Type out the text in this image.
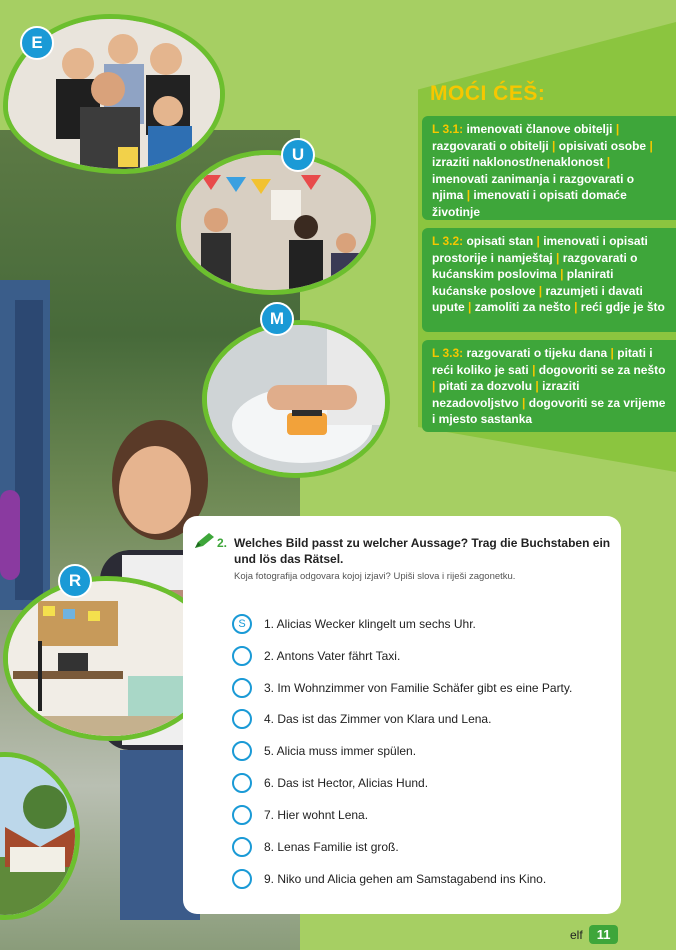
E
U
M
R
MOĆI ĆEŠ:
L 3.1: imenovati članove obitelji | razgovarati o obitelji | opisivati osobe | izraziti naklonost/nenaklonost | imenovati zanimanja i razgovarati o njima | imenovati i opisati domaće životinje
L 3.2: opisati stan | imenovati i opisati prostorije i namještaj | razgovarati o kućanskim poslovima | planirati kućanske poslove | razumjeti i davati upute | zamoliti za nešto | reći gdje je što
L 3.3: razgovarati o tijeku dana | pitati i reći koliko je sati | dogovoriti se za nešto | pitati za dozvolu | izraziti nezadovoljstvo | dogovoriti se za vrijeme i mjesto sastanka
2. Welches Bild passt zu welcher Aussage? Trag die Buchstaben ein und lös das Rätsel.
Koja fotografija odgovara kojoj izjavi? Upiši slova i riješi zagonetku.
S	1. Alicias Wecker klingelt um sechs Uhr.
2. Antons Vater fährt Taxi.
3. Im Wohnzimmer von Familie Schäfer gibt es eine Party.
4. Das ist das Zimmer von Klara und Lena.
5. Alicia muss immer spülen.
6. Das ist Hector, Alicias Hund.
7. Hier wohnt Lena.
8. Lenas Familie ist groß.
9. Niko und Alicia gehen am Samstagabend ins Kino.
elf	11
